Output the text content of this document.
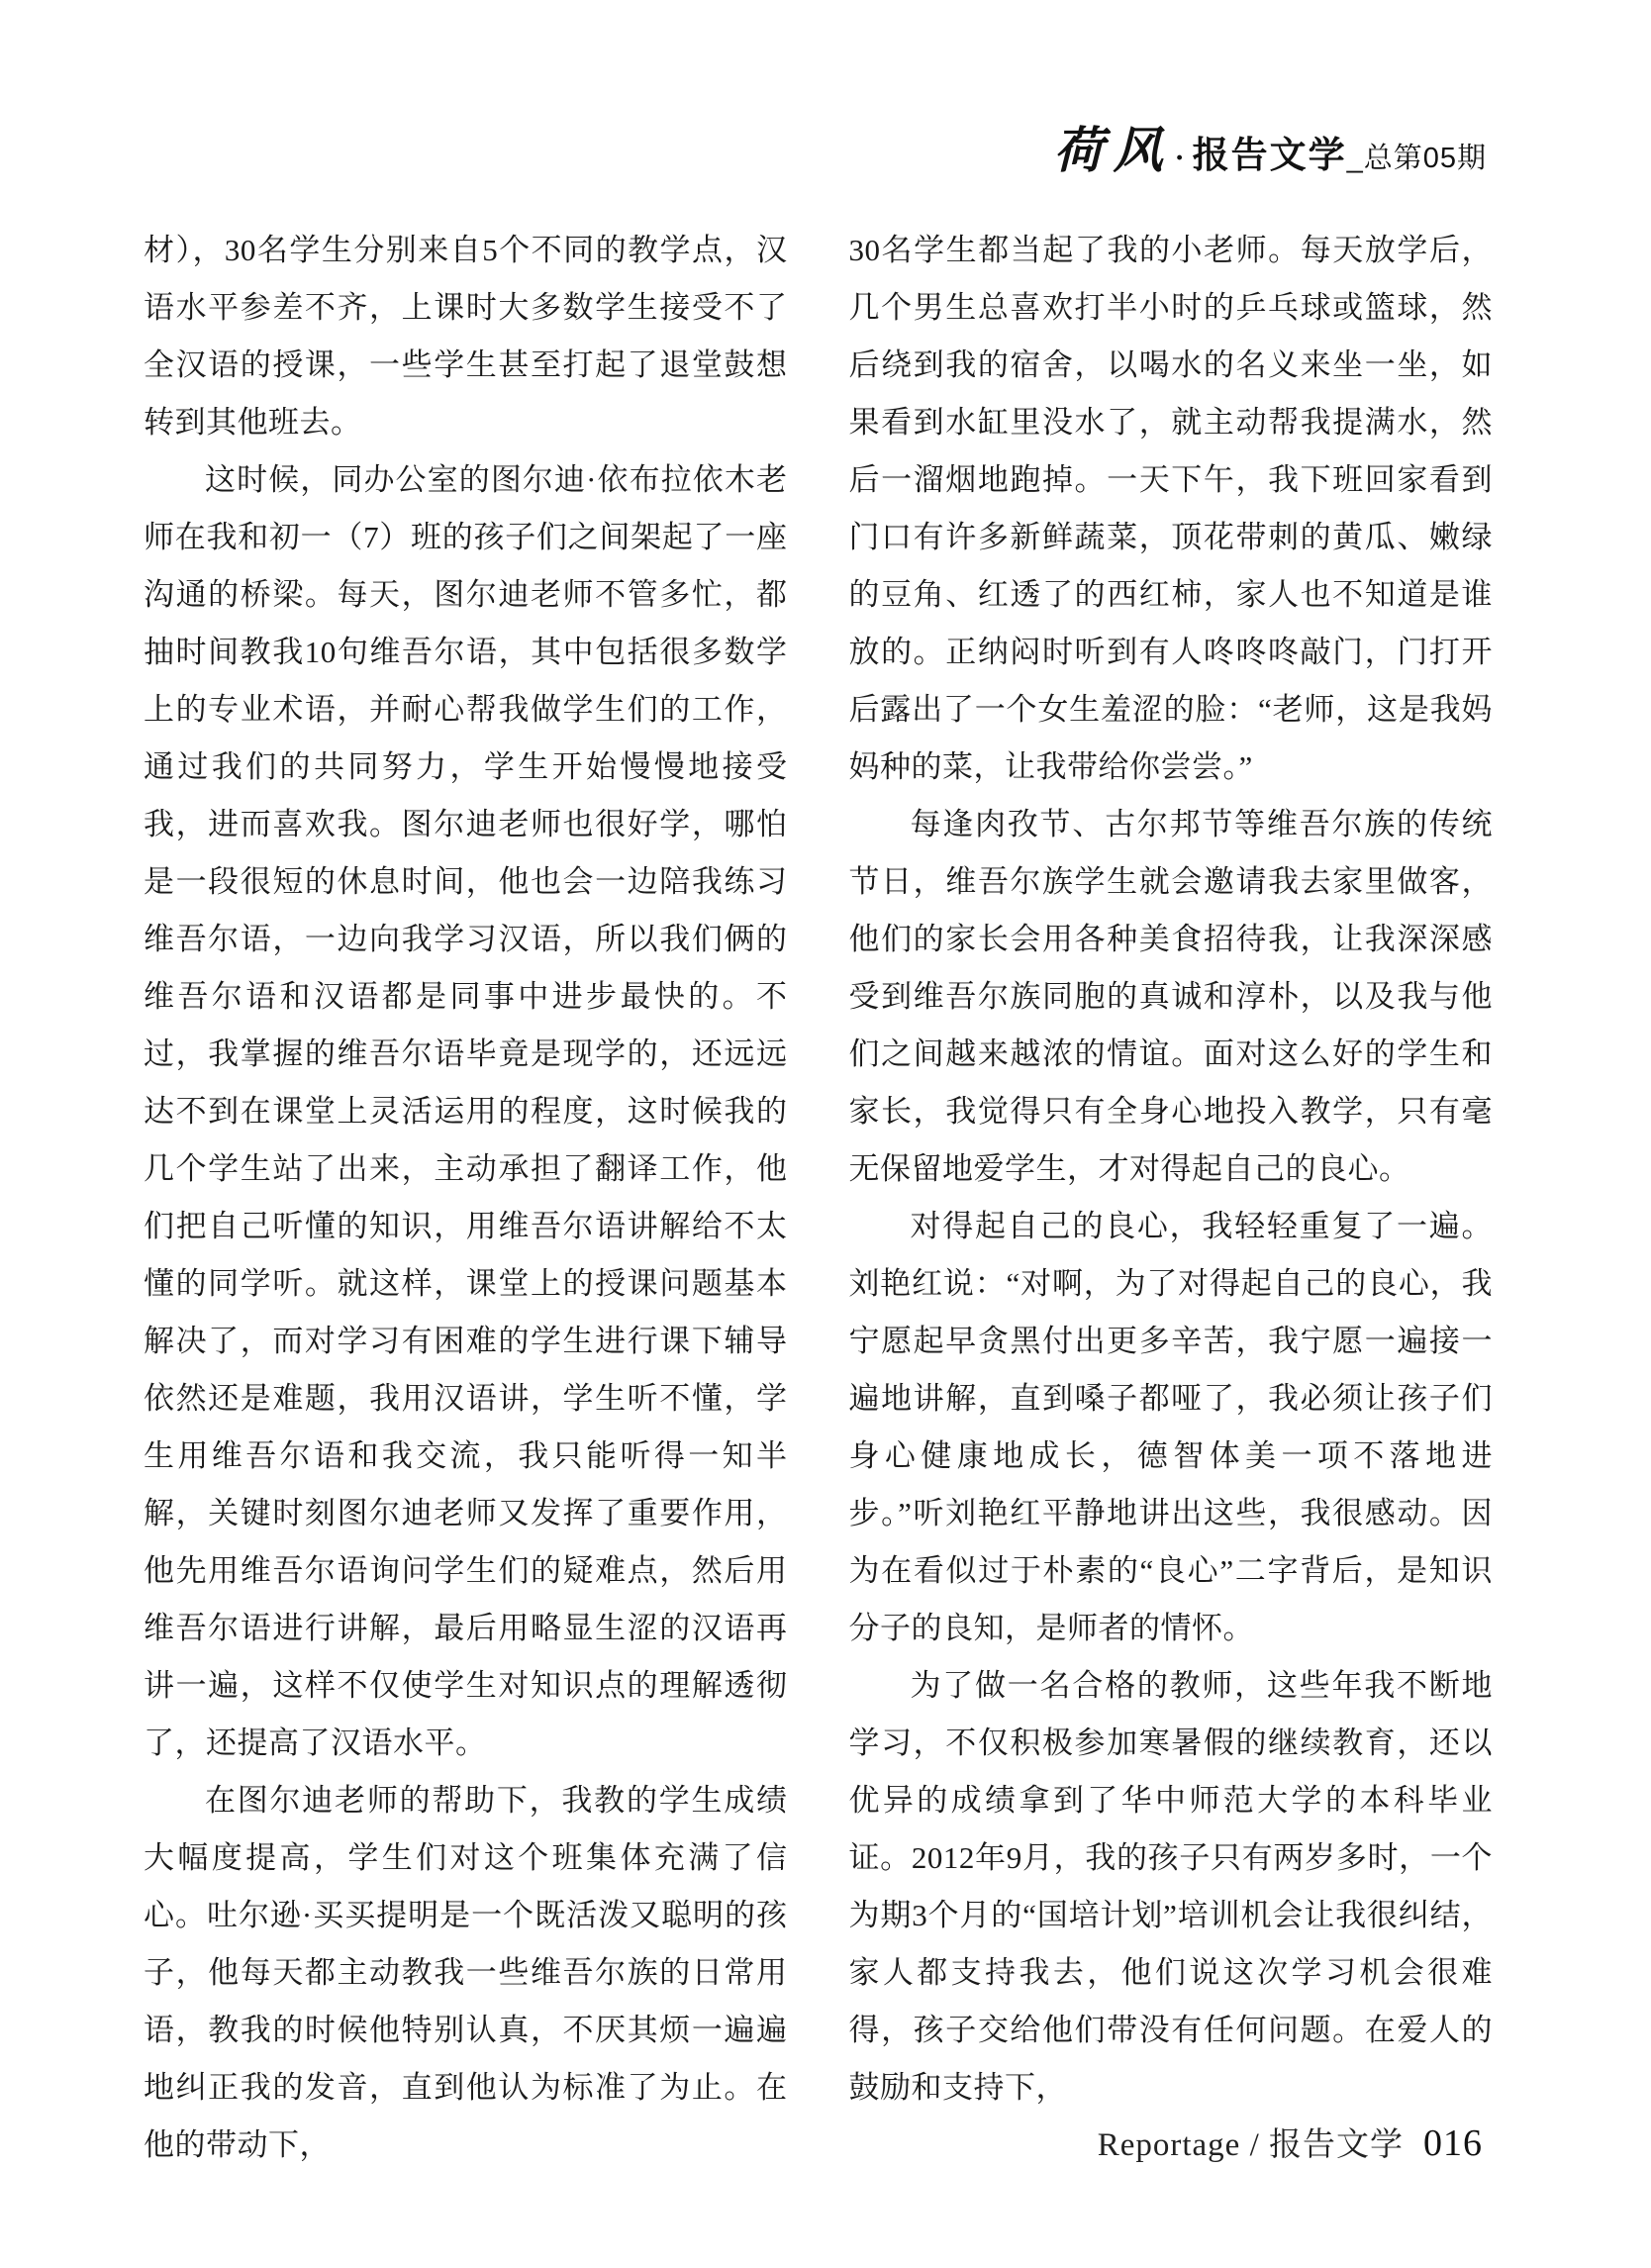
荷风 · 报告文学 _总第05期

材），30名学生分别来自5个不同的教学点，汉语水平参差不齐，上课时大多数学生接受不了全汉语的授课，一些学生甚至打起了退堂鼓想转到其他班去。

这时候，同办公室的图尔迪·依布拉依木老师在我和初一（7）班的孩子们之间架起了一座沟通的桥梁。每天，图尔迪老师不管多忙，都抽时间教我10句维吾尔语，其中包括很多数学上的专业术语，并耐心帮我做学生们的工作，通过我们的共同努力，学生开始慢慢地接受我，进而喜欢我。图尔迪老师也很好学，哪怕是一段很短的休息时间，他也会一边陪我练习维吾尔语，一边向我学习汉语，所以我们俩的维吾尔语和汉语都是同事中进步最快的。不过，我掌握的维吾尔语毕竟是现学的，还远远达不到在课堂上灵活运用的程度，这时候我的几个学生站了出来，主动承担了翻译工作，他们把自己听懂的知识，用维吾尔语讲解给不太懂的同学听。就这样，课堂上的授课问题基本解决了，而对学习有困难的学生进行课下辅导依然还是难题，我用汉语讲，学生听不懂，学生用维吾尔语和我交流，我只能听得一知半解，关键时刻图尔迪老师又发挥了重要作用，他先用维吾尔语询问学生们的疑难点，然后用维吾尔语进行讲解，最后用略显生涩的汉语再讲一遍，这样不仅使学生对知识点的理解透彻了，还提高了汉语水平。

在图尔迪老师的帮助下，我教的学生成绩大幅度提高，学生们对这个班集体充满了信心。吐尔逊·买买提明是一个既活泼又聪明的孩子，他每天都主动教我一些维吾尔族的日常用语，教我的时候他特别认真，不厌其烦一遍遍地纠正我的发音，直到他认为标准了为止。在他的带动下，

30名学生都当起了我的小老师。每天放学后，几个男生总喜欢打半小时的乒乓球或篮球，然后绕到我的宿舍，以喝水的名义来坐一坐，如果看到水缸里没水了，就主动帮我提满水，然后一溜烟地跑掉。一天下午，我下班回家看到门口有许多新鲜蔬菜，顶花带刺的黄瓜、嫩绿的豆角、红透了的西红柿，家人也不知道是谁放的。正纳闷时听到有人咚咚咚敲门，门打开后露出了一个女生羞涩的脸：“老师，这是我妈妈种的菜，让我带给你尝尝。”

每逢肉孜节、古尔邦节等维吾尔族的传统节日，维吾尔族学生就会邀请我去家里做客，他们的家长会用各种美食招待我，让我深深感受到维吾尔族同胞的真诚和淳朴，以及我与他们之间越来越浓的情谊。面对这么好的学生和家长，我觉得只有全身心地投入教学，只有毫无保留地爱学生，才对得起自己的良心。

对得起自己的良心，我轻轻重复了一遍。刘艳红说：“对啊，为了对得起自己的良心，我宁愿起早贪黑付出更多辛苦，我宁愿一遍接一遍地讲解，直到嗓子都哑了，我必须让孩子们身心健康地成长，德智体美一项不落地进步。”听刘艳红平静地讲出这些，我很感动。因为在看似过于朴素的“良心”二字背后，是知识分子的良知，是师者的情怀。

为了做一名合格的教师，这些年我不断地学习，不仅积极参加寒暑假的继续教育，还以优异的成绩拿到了华中师范大学的本科毕业证。2012年9月，我的孩子只有两岁多时，一个为期3个月的“国培计划”培训机会让我很纠结，家人都支持我去，他们说这次学习机会很难得，孩子交给他们带没有任何问题。在爱人的鼓励和支持下，

Reportage / 报告文学 016
